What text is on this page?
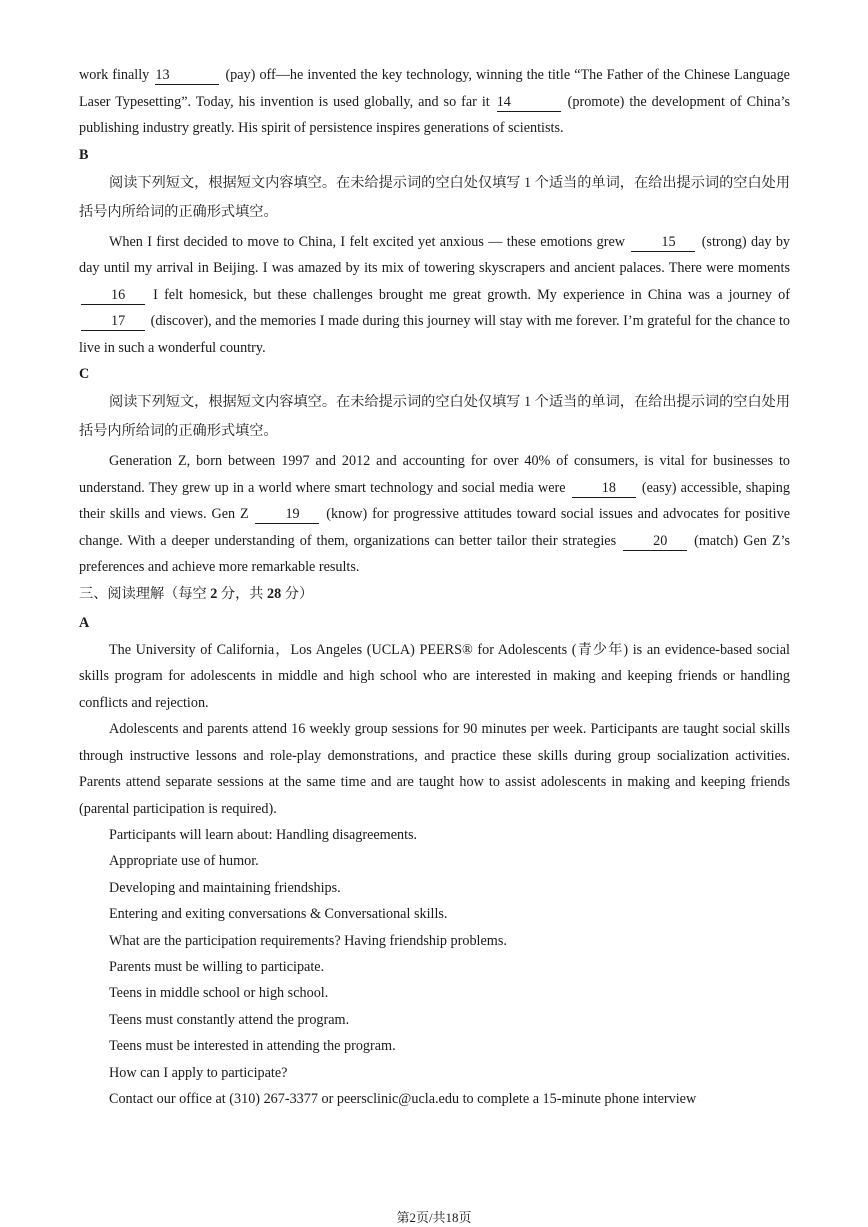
work finally 13	(pay) off—he invented the key technology, winning the title “The Father of the Chinese Language Laser Typesetting”. Today, his invention is used globally, and so far it 14	(promote) the development of China’s publishing industry greatly. His spirit of persistence inspires generations of scientists.

B

阅读下列短文，根据短文内容填空。在未给提示词的空白处仅填写 1 个适当的单词，在给出提示词的空白处用括号内所给词的正确形式填空。

When I first decided to move to China, I felt excited yet anxious — these emotions grew 15 (strong) day by day until my arrival in Beijing. I was amazed by its mix of towering skyscrapers and ancient palaces. There were moments 16 I felt homesick, but these challenges brought me great growth. My experience in China was a journey of 17 (discover), and the memories I made during this journey will stay with me forever. I’m grateful for the chance to live in such a wonderful country.

C

阅读下列短文，根据短文内容填空。在未给提示词的空白处仅填写 1 个适当的单词，在给出提示词的空白处用括号内所给词的正确形式填空。

Generation Z, born between 1997 and 2012 and accounting for over 40% of consumers, is vital for businesses to understand. They grew up in a world where smart technology and social media were 18 (easy) accessible, shaping their skills and views. Gen Z 19 (know) for progressive attitudes toward social issues and advocates for positive change. With a deeper understanding of them, organizations can better tailor their strategies 20 (match) Gen Z’s preferences and achieve more remarkable results.

三、阅读理解（每空 2 分，共 28 分）

A

The University of California，Los Angeles (UCLA) PEERS® for Adolescents (青少年) is an evidence-based social skills program for adolescents in middle and high school who are interested in making and keeping friends or handling conflicts and rejection.

Adolescents and parents attend 16 weekly group sessions for 90 minutes per week. Participants are taught social skills through instructive lessons and role-play demonstrations, and practice these skills during group socialization activities. Parents attend separate sessions at the same time and are taught how to assist adolescents in making and keeping friends (parental participation is required).

Participants will learn about: Handling disagreements.

Appropriate use of humor.

Developing and maintaining friendships.

Entering and exiting conversations & Conversational skills.

What are the participation requirements? Having friendship problems.

Parents must be willing to participate.

Teens in middle school or high school.

Teens must constantly attend the program.

Teens must be interested in attending the program.

How can I apply to participate?

Contact our office at (310) 267-3377 or peersclinic@ucla.edu to complete a 15-minute phone interview

第2页/共18页
